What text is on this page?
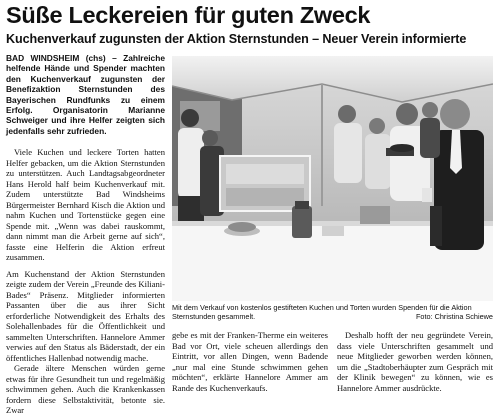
Süße Leckereien für guten Zweck
Kuchenverkauf zugunsten der Aktion Sternstunden – Neuer Verein informierte

BAD WINDSHEIM (chs) – Zahlreiche helfende Hände und Spender machten den Kuchenverkauf zugunsten der Benefizaktion Sternstunden des Bayerischen Rundfunks zu einem Erfolg. Organisatorin Marianne Schweiger und ihre Helfer zeigten sich jedenfalls sehr zufrieden.

Viele Kuchen und leckere Torten hatten Helfer gebacken, um die Aktion Sternstunden zu unterstützen. Auch Landtagsabgeordneter Hans Herold half beim Kuchenverkauf mit. Zudem unterstützte Bad Windsheims Bürgermeister Bernhard Kisch die Aktion und nahm Kuchen und Tortenstücke gegen eine Spende mit. „Wenn was dabei rauskommt, dann nimmt man die Arbeit gerne auf sich“, fasste eine Helferin die Aktion erfreut zusammen.

Am Kuchenstand der Aktion Sternstunden zeigte zudem der Verein „Freunde des Kiliani-Bades“ Präsenz. Mitglieder informierten Passanten über die aus ihrer Sicht erforderliche Notwendigkeit des Erhalts des Solehallenbades für die Öffentlichkeit und sammelten Unterschriften. Hannelore Ammer verwies auf den Status als Bäderstadt, der ein öffentliches Hallenbad notwendig mache.

Gerade ältere Menschen würden gerne etwas für ihre Gesundheit tun und regelmäßig schwimmen gehen. Auch die Krankenkassen fordern diese Selbstaktivität, betonte sie. Zwar

Mit dem Verkauf von kostenlos gestifteten Kuchen und Torten wurden Spenden für die Aktion Sternstunden gesammelt.	Foto: Christina Schiewe

gebe es mit der Franken-Therme ein weiteres Bad vor Ort, viele scheuen allerdings den Eintritt, vor allen Dingen, wenn Badende „nur mal eine Stunde schwimmen gehen möchten“, erklärte Hannelore Ammer am Rande des Kuchenverkaufs.

Deshalb hofft der neu gegründete Verein, dass viele Unterschriften gesammelt und neue Mitglieder geworben werden können, um die „Stadtoberhäupter zum Gespräch mit der Klinik bewegen“ zu können, wie es Hannelore Ammer ausdrückte.
